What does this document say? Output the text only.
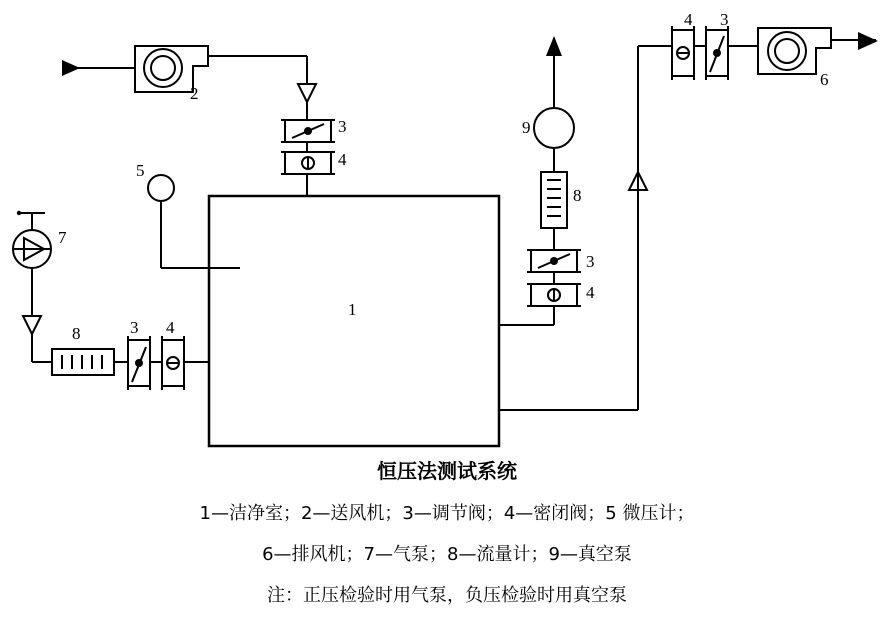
1
2
3
4
5
6
7
8	3 4
8
9
3
4
4 3
恒压法测试系统
1—洁净室；2—送风机；3—调节阀；4—密闭阀；5 微压计；
6—排风机；7—气泵；8—流量计；9—真空泵
注：正压检验时用气泵，负压检验时用真空泵
